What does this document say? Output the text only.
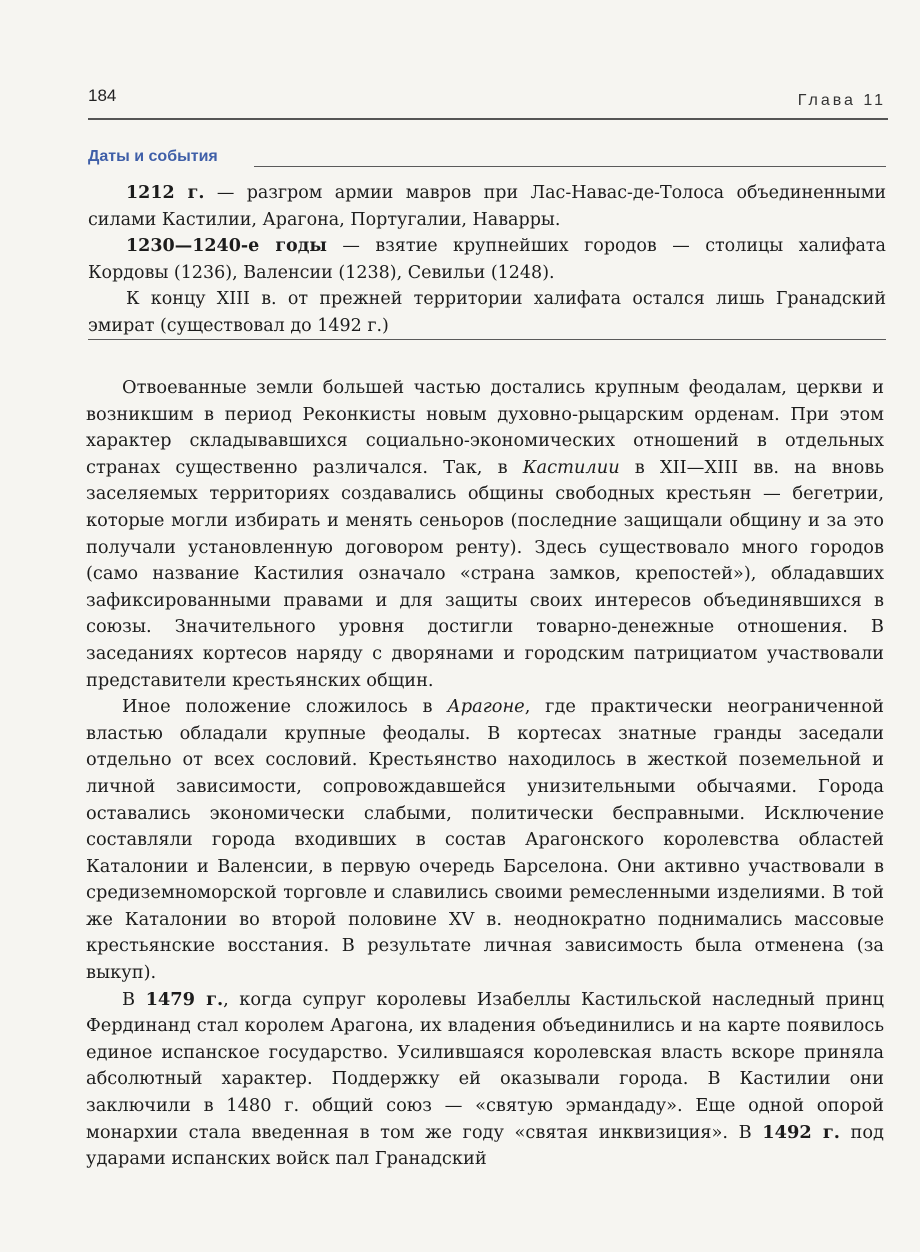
184	Глава 11
Даты и события

1212 г. — разгром армии мавров при Лас-Навас-де-Толоса объединенными силами Кастилии, Арагона, Португалии, Наварры.

1230—1240-е годы — взятие крупнейших городов — столицы халифата Кордовы (1236), Валенсии (1238), Севильи (1248).

К концу XIII в. от прежней территории халифата остался лишь Гранадский эмират (существовал до 1492 г.)

Отвоеванные земли большей частью достались крупным феодалам, церкви и возникшим в период Реконкисты новым духовно-рыцарским орденам. При этом характер складывавшихся социально-экономических отношений в отдельных странах существенно различался. Так, в Кастилии в XII—XIII вв. на вновь заселяемых территориях создавались общины свободных крестьян — бегетрии, которые могли избирать и менять сеньоров (последние защищали общину и за это получали установленную договором ренту). Здесь существовало много городов (само название Кастилия означало «страна замков, крепостей»), обладавших зафиксированными правами и для защиты своих интересов объединявшихся в союзы. Значительного уровня достигли товарно-денежные отношения. В заседаниях кортесов наряду с дворянами и городским патрициатом участвовали представители крестьянских общин.

Иное положение сложилось в Арагоне, где практически неограниченной властью обладали крупные феодалы. В кортесах знатные гранды заседали отдельно от всех сословий. Крестьянство находилось в жесткой поземельной и личной зависимости, сопровождавшейся унизительными обычаями. Города оставались экономически слабыми, политически бесправными. Исключение составляли города входивших в состав Арагонского королевства областей Каталонии и Валенсии, в первую очередь Барселона. Они активно участвовали в средиземноморской торговле и славились своими ремесленными изделиями. В той же Каталонии во второй половине XV в. неоднократно поднимались массовые крестьянские восстания. В результате личная зависимость была отменена (за выкуп).

В 1479 г., когда супруг королевы Изабеллы Кастильской наследный принц Фердинанд стал королем Арагона, их владения объединились и на карте появилось единое испанское государство. Усилившаяся королевская власть вскоре приняла абсолютный характер. Поддержку ей оказывали города. В Кастилии они заключили в 1480 г. общий союз — «святую эрмандаду». Еще одной опорой монархии стала введенная в том же году «святая инквизиция». В 1492 г. под ударами испанских войск пал Гранадский
